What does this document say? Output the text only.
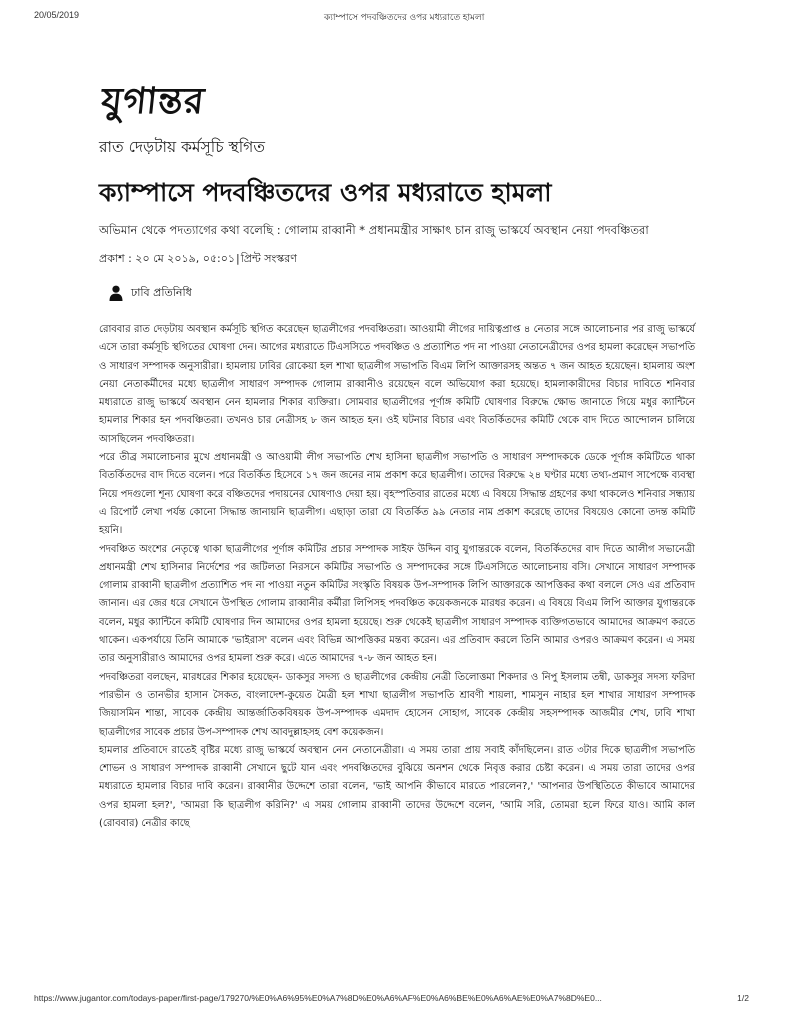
20/05/2019	ক্যাম্পাসে পদবঞ্চিতদের ওপর মধ্যরাতে হামলা
যুগান্তর
রাত দেড়টায় কর্মসূচি স্থগিত
ক্যাম্পাসে পদবঞ্চিতদের ওপর মধ্যরাতে হামলা
অভিমান থেকে পদত্যাগের কথা বলেছি : গোলাম রাব্বানী * প্রধানমন্ত্রীর সাক্ষাৎ চান রাজু ভাস্কর্যে অবস্থান নেয়া পদবঞ্চিতরা
প্রকাশ : ২০ মে ২০১৯, ০৫:০১|প্রিন্ট সংস্করণ
ঢাবি প্রতিনিধি

রোববার রাত দেড়টায় অবস্থান কর্মসূচি স্থগিত করেছেন ছাত্রলীগের পদবঞ্চিতরা। আওয়ামী লীগের দায়িত্বপ্রাপ্ত ৪ নেতার সঙ্গে আলোচনার পর রাজু ভাস্কর্যে এসে তারা কর্মসূচি স্থগিতের ঘোষণা দেন। আগের মধ্যরাতে টিএসসিতে পদবঞ্চিত ও প্রত্যাশিত পদ না পাওয়া নেতানেত্রীদের ওপর হামলা করেছেন সভাপতি ও সাধারণ সম্পাদক অনুসারীরা। হামলায় ঢাবির রোকেয়া হল শাখা ছাত্রলীগ সভাপতি বিএম লিপি আক্তারসহ অন্তত ৭ জন আহত হয়েছেন। হামলায় অংশ নেয়া নেতাকর্মীদের মধ্যে ছাত্রলীগ সাধারণ সম্পাদক গোলাম রাব্বানীও রয়েছেন বলে অভিযোগ করা হয়েছে। হামলাকারীদের বিচার দাবিতে শনিবার মধ্যরাতে রাজু ভাস্কর্যে অবস্থান নেন হামলার শিকার ব্যক্তিরা। সোমবার ছাত্রলীগের পূর্ণাঙ্গ কমিটি ঘোষণার বিরুদ্ধে ক্ষোভ জানাতে গিয়ে মধুর ক্যান্টিনে হামলার শিকার হন পদবঞ্চিতরা। তখনও চার নেত্রীসহ ৮ জন আহত হন। ওই ঘটনার বিচার এবং বিতর্কিতদের কমিটি থেকে বাদ দিতে আন্দোলন চালিয়ে আসছিলেন পদবঞ্চিতরা।

পরে তীব্র সমালোচনার মুখে প্রধানমন্ত্রী ও আওয়ামী লীগ সভাপতি শেখ হাসিনা ছাত্রলীগ সভাপতি ও সাধারণ সম্পাদককে ডেকে পূর্ণাঙ্গ কমিটিতে থাকা বিতর্কিতদের বাদ দিতে বলেন। পরে বিতর্কিত হিসেবে ১৭ জন জনের নাম প্রকাশ করে ছাত্রলীগ। তাদের বিরুদ্ধে ২৪ ঘণ্টার মধ্যে তথ্য-প্রমাণ সাপেক্ষে ব্যবস্থা নিয়ে পদগুলো শূন্য ঘোষণা করে বঞ্চিতদের পদায়নের ঘোষণাও দেয়া হয়। বৃহস্পতিবার রাতের মধ্যে এ বিষয়ে সিদ্ধান্ত গ্রহণের কথা থাকলেও শনিবার সন্ধ্যায় এ রিপোর্ট লেখা পর্যন্ত কোনো সিদ্ধান্ত জানায়নি ছাত্রলীগ। এছাড়া তারা যে বিতর্কিত ৯৯ নেতার নাম প্রকাশ করেছে তাদের বিষয়েও কোনো তদন্ত কমিটি হয়নি।

পদবঞ্চিত অংশের নেতৃত্বে থাকা ছাত্রলীগের পূর্ণাঙ্গ কমিটির প্রচার সম্পাদক সাইফ উদ্দিন বাবু যুগান্তরকে বলেন, বিতর্কিতদের বাদ দিতে আলীগ সভানেত্রী প্রধানমন্ত্রী শেখ হাসিনার নির্দেশের পর জটিলতা নিরসনে কমিটির সভাপতি ও সম্পাদকের সঙ্গে টিএসসিতে আলোচনায় বসি। সেখানে সাধারণ সম্পাদক গোলাম রাব্বানী ছাত্রলীগ প্রত্যাশিত পদ না পাওয়া নতুন কমিটির সংস্কৃতি বিষয়ক উপ-সম্পাদক লিপি আক্তারকে আপত্তিকর কথা বললে সেও এর প্রতিবাদ জানান। এর জের ধরে সেখানে উপস্থিত গোলাম রাব্বানীর কর্মীরা লিপিসহ পদবঞ্চিত কয়েকজনকে মারধর করেন। এ বিষয়ে বিএম লিপি আক্তার যুগান্তরকে বলেন, মধুর ক্যান্টিনে কমিটি ঘোষণার দিন আমাদের ওপর হামলা হয়েছে। শুরু থেকেই ছাত্রলীগ সাধারণ সম্পাদক ব্যক্তিগতভাবে আমাদের আক্রমণ করতে থাকেন। একপর্যায়ে তিনি আমাকে 'ভাইরাস' বলেন এবং বিভিন্ন আপত্তিকর মন্তব্য করেন। এর প্রতিবাদ করলে তিনি আমার ওপরও আক্রমণ করেন। এ সময় তার অনুসারীরাও আমাদের ওপর হামলা শুরু করে। এতে আমাদের ৭-৮ জন আহত হন।

পদবঞ্চিতরা বলছেন, মারধরের শিকার হয়েছেন- ডাকসুর সদস্য ও ছাত্রলীগের কেন্দ্রীয় নেত্রী তিলোত্তমা শিকদার ও নিপু ইসলাম তন্বী, ডাকসুর সদস্য ফরিদা পারভীন ও তানভীর হাসান সৈকত, বাংলাদেশ-কুয়েত মৈত্রী হল শাখা ছাত্রলীগ সভাপতি শ্রাবণী শায়লা, শামসুন নাহার হল শাখার সাধারণ সম্পাদক জিয়াসমিন শান্তা, সাবেক কেন্দ্রীয় আন্তর্জাতিকবিষয়ক উপ-সম্পাদক এমদাদ হোসেন সোহাগ, সাবেক কেন্দ্রীয় সহসম্পাদক আজমীর শেখ, ঢাবি শাখা ছাত্রলীগের সাবেক প্রচার উপ-সম্পাদক শেখ আবদুল্লাহসহ বেশ কয়েকজন।

হামলার প্রতিবাদে রাতেই বৃষ্টির মধ্যে রাজু ভাস্কর্যে অবস্থান নেন নেতানেত্রীরা। এ সময় তারা প্রায় সবাই কাঁদছিলেন। রাত ৩টার দিকে ছাত্রলীগ সভাপতি শোভন ও সাধারণ সম্পাদক রাব্বানী সেখানে ছুটে যান এবং পদবঞ্চিতদের বুঝিয়ে অনশন থেকে নিবৃত্ত করার চেষ্টা করেন। এ সময় তারা তাদের ওপর মধ্যরাতে হামলার বিচার দাবি করেন। রাব্বানীর উদ্দেশে তারা বলেন, 'ভাই আপনি কীভাবে মারতে পারলেন?,' 'আপনার উপস্থিতিতে কীভাবে আমাদের ওপর হামলা হল?', 'আমরা কি ছাত্রলীগ করিনি?' এ সময় গোলাম রাব্বানী তাদের উদ্দেশে বলেন, 'আমি সরি, তোমরা হলে ফিরে যাও। আমি কাল (রোববার) নেত্রীর কাছে

https://www.jugantor.com/todays-paper/first-page/179270/%E0%A6%95%E0%A7%8D%E0%A6%AF%E0%A6%BE%E0%A6%AE%E0%A7%8D%E0...	1/2
